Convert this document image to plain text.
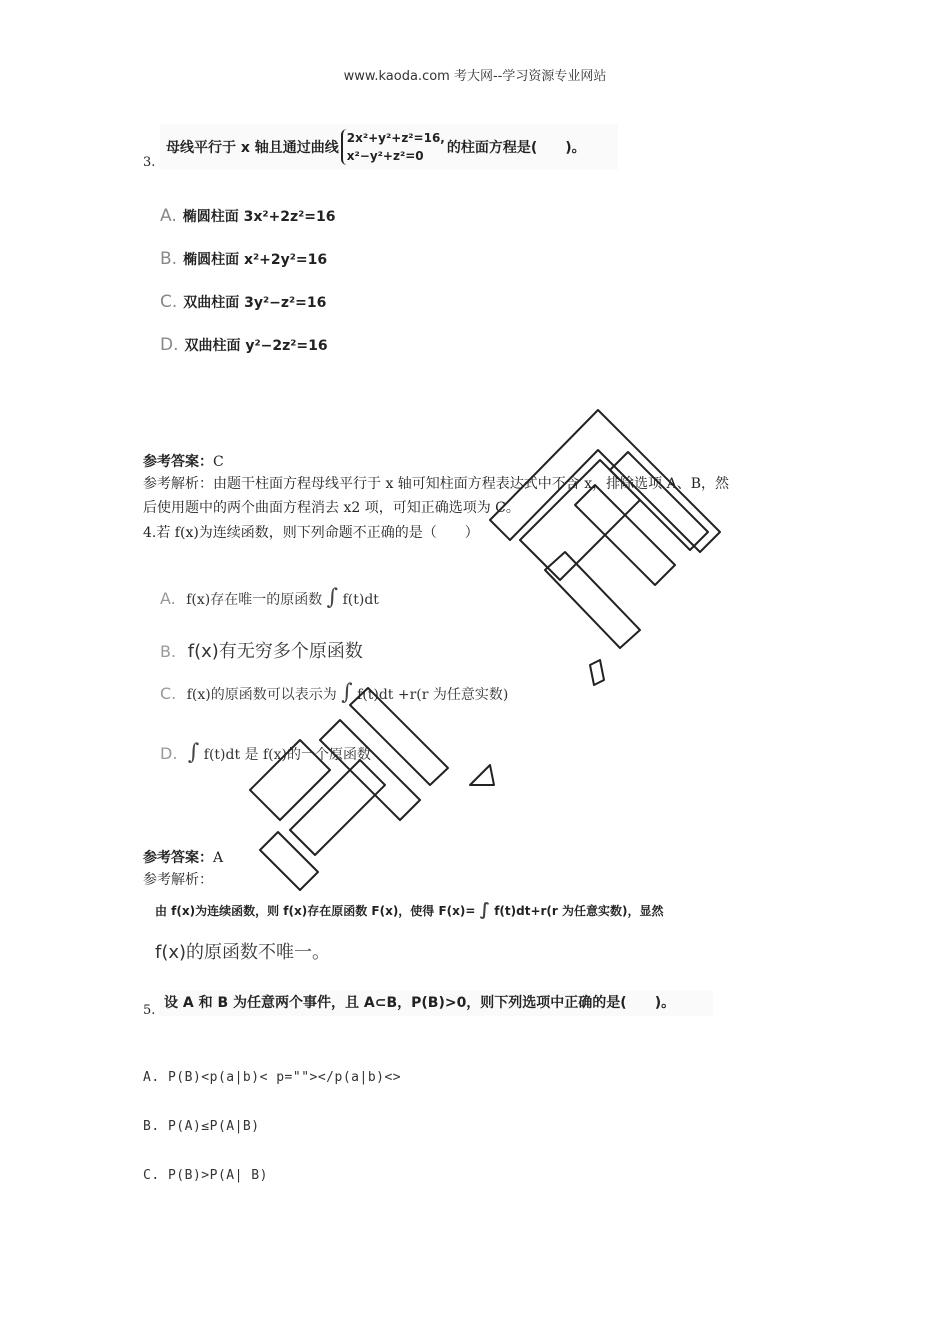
www.kaoda.com 考大网--学习资源专业网站
3.
母线平行于 x 轴且通过曲线
2x²+y²+z²=16,
x²−y²+z²=0	的柱面方程是(　　)。
A. 椭圆柱面 3x²+2z²=16
B. 椭圆柱面 x²+2y²=16
C. 双曲柱面 3y²−z²=16
D. 双曲柱面 y²−2z²=16
参考答案：C
参考解析：由题干柱面方程母线平行于 x 轴可知柱面方程表达式中不含 x，排除选项 A、B，然
后使用题中的两个曲面方程消去 x2 项，可知正确选项为 C。
4.若 f(x)为连续函数，则下列命题不正确的是（　　）
A. f(x)存在唯一的原函数 ∫ f(t)dt
B. f(x)有无穷多个原函数
C. f(x)的原函数可以表示为 ∫ f(t)dt +r(r 为任意实数)
D. ∫ f(t)dt 是 f(x)的一个原函数
参考答案：A
参考解析：
由 f(x)为连续函数，则 f(x)存在原函数 F(x)，使得 F(x)= ∫ f(t)dt+r(r 为任意实数)，显然
f(x)的原函数不唯一。
5. 设 A 和 B 为任意两个事件，且 A⊂B，P(B)>0，则下列选项中正确的是(　　)。
A. P(B)<p(a|b)< p=""></p(a|b)<>
B. P(A)≤P(A|B)
C. P(B)>P(A| B)
